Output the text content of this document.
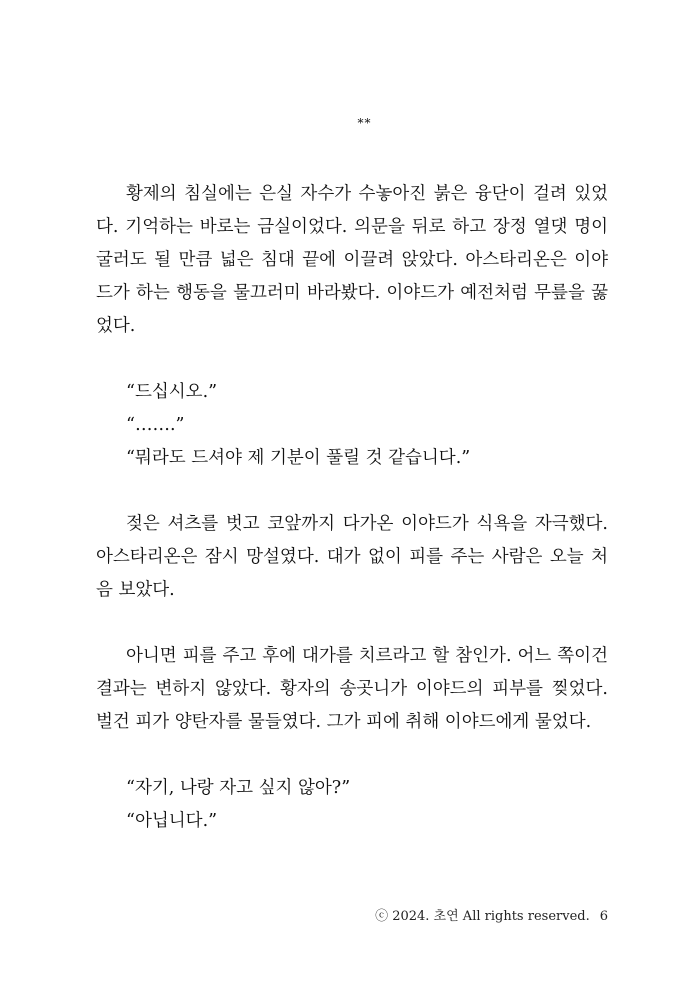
**

황제의 침실에는 은실 자수가 수놓아진 붉은 융단이 걸려 있었다. 기억하는 바로는 금실이었다. 의문을 뒤로 하고 장정 열댓 명이 굴러도 될 만큼 넓은 침대 끝에 이끌려 앉았다. 아스타리온은 이야드가 하는 행동을 물끄러미 바라봤다. 이야드가 예전처럼 무릎을 꿇었다.

“드십시오.”

“…….”

“뭐라도 드셔야 제 기분이 풀릴 것 같습니다.”

젖은 셔츠를 벗고 코앞까지 다가온 이야드가 식욕을 자극했다. 아스타리온은 잠시 망설였다. 대가 없이 피를 주는 사람은 오늘 처음 보았다.

아니면 피를 주고 후에 대가를 치르라고 할 참인가. 어느 쪽이건 결과는 변하지 않았다. 황자의 송곳니가 이야드의 피부를 찢었다. 벌건 피가 양탄자를 물들였다. 그가 피에 취해 이야드에게 물었다.

“자기, 나랑 자고 싶지 않아?”

“아닙니다.”

ⓒ 2024. 초연 All rights reserved. 6
